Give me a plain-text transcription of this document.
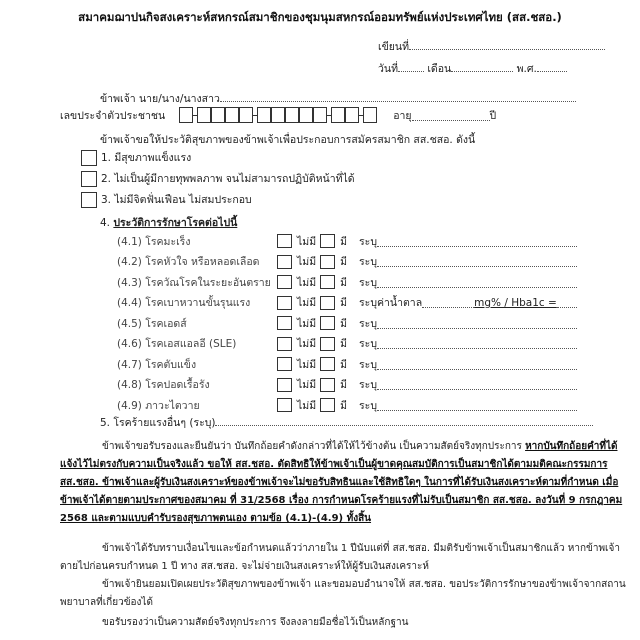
สมาคมฌาปนกิจสงเคราะห์สหกรณ์สมาชิกของชุมนุมสหกรณ์ออมทรัพย์แห่งประเทศไทย (สส.ชสอ.)
เขียนที่
วันที่	เดือน	พ.ศ.
ข้าพเจ้า นาย/นาง/นางสาว
เลขประจำตัวประชาชน	อายุ	ปี
ข้าพเจ้าขอให้ประวัติสุขภาพของข้าพเจ้าเพื่อประกอบการสมัครสมาชิก สส.ชสอ. ดังนี้
1. มีสุขภาพแข็งแรง
2. ไม่เป็นผู้มีกายทุพพลภาพ จนไม่สามารถปฏิบัติหน้าที่ได้
3. ไม่มีจิตฟั่นเฟือน ไม่สมประกอบ
4. ประวัติการรักษาโรคต่อไปนี้
(4.1) โรคมะเร็ง	ไม่มี มี ระบุ
(4.2) โรคหัวใจ หรือหลอดเลือด	ไม่มี มี ระบุ
(4.3) โรควัณโรคในระยะอันตราย	ไม่มี มี ระบุ
(4.4) โรคเบาหวานขั้นรุนแรง	ไม่มี มี ระบุค่าน้ำตาล	mg% / Hba1c =
(4.5) โรคเอดส์	ไม่มี มี ระบุ
(4.6) โรคเอสแอลอี (SLE)	ไม่มี มี ระบุ
(4.7) โรคตับแข็ง	ไม่มี มี ระบุ
(4.8) โรคปอดเรื้อรัง	ไม่มี มี ระบุ
(4.9) ภาวะไตวาย	ไม่มี มี ระบุ
5. โรคร้ายแรงอื่นๆ (ระบุ)
ข้าพเจ้าขอรับรองและยืนยันว่า บันทึกถ้อยคำดังกล่าวที่ได้ให้ไว้ข้างต้น เป็นความสัตย์จริงทุกประการ หากบันทึกถ้อยคำที่ได้แจ้งไว้ไม่ตรงกับความเป็นจริงแล้ว ขอให้ สส.ชสอ. ตัดสิทธิให้ข้าพเจ้าเป็นผู้ขาดคุณสมบัติการเป็นสมาชิกได้ตามมติคณะกรรมการ สส.ชสอ. ข้าพเจ้าและผู้รับเงินสงเคราะห์ของข้าพเจ้าจะไม่ขอรับสิทธินและใช้สิทธิใดๆ ในการที่ได้รับเงินสงเคราะห์ตามที่กำหนด เมื่อข้าพเจ้าได้ตายตามประกาศของสมาคม ที่ 31/2568 เรื่อง การกำหนดโรคร้ายแรงที่ไม่รับเป็นสมาชิก สส.ชสอ. ลงวันที่ 9 กรกฎาคม 2568 และตามแบบคำรับรองสุขภาพตนเอง ตามข้อ (4.1)-(4.9) ทั้งสิ้น
ข้าพเจ้าได้รับทราบเงื่อนไขและข้อกำหนดแล้วว่าภายใน 1 ปีนับแต่ที่ สส.ชสอ. มีมติรับข้าพเจ้าเป็นสมาชิกแล้ว หากข้าพเจ้าตายไปก่อนครบกำหนด 1 ปี ทาง สส.ชสอ. จะไม่จ่ายเงินสงเคราะห์ให้ผู้รับเงินสงเคราะห์
ข้าพเจ้ายินยอมเปิดเผยประวัติสุขภาพของข้าพเจ้า และขอมอบอำนาจให้ สส.ชสอ. ขอประวัติการรักษาของข้าพเจ้าจากสถานพยาบาลที่เกี่ยวข้องได้
ขอรับรองว่าเป็นความสัตย์จริงทุกประการ จึงลงลายมือชื่อไว้เป็นหลักฐาน
